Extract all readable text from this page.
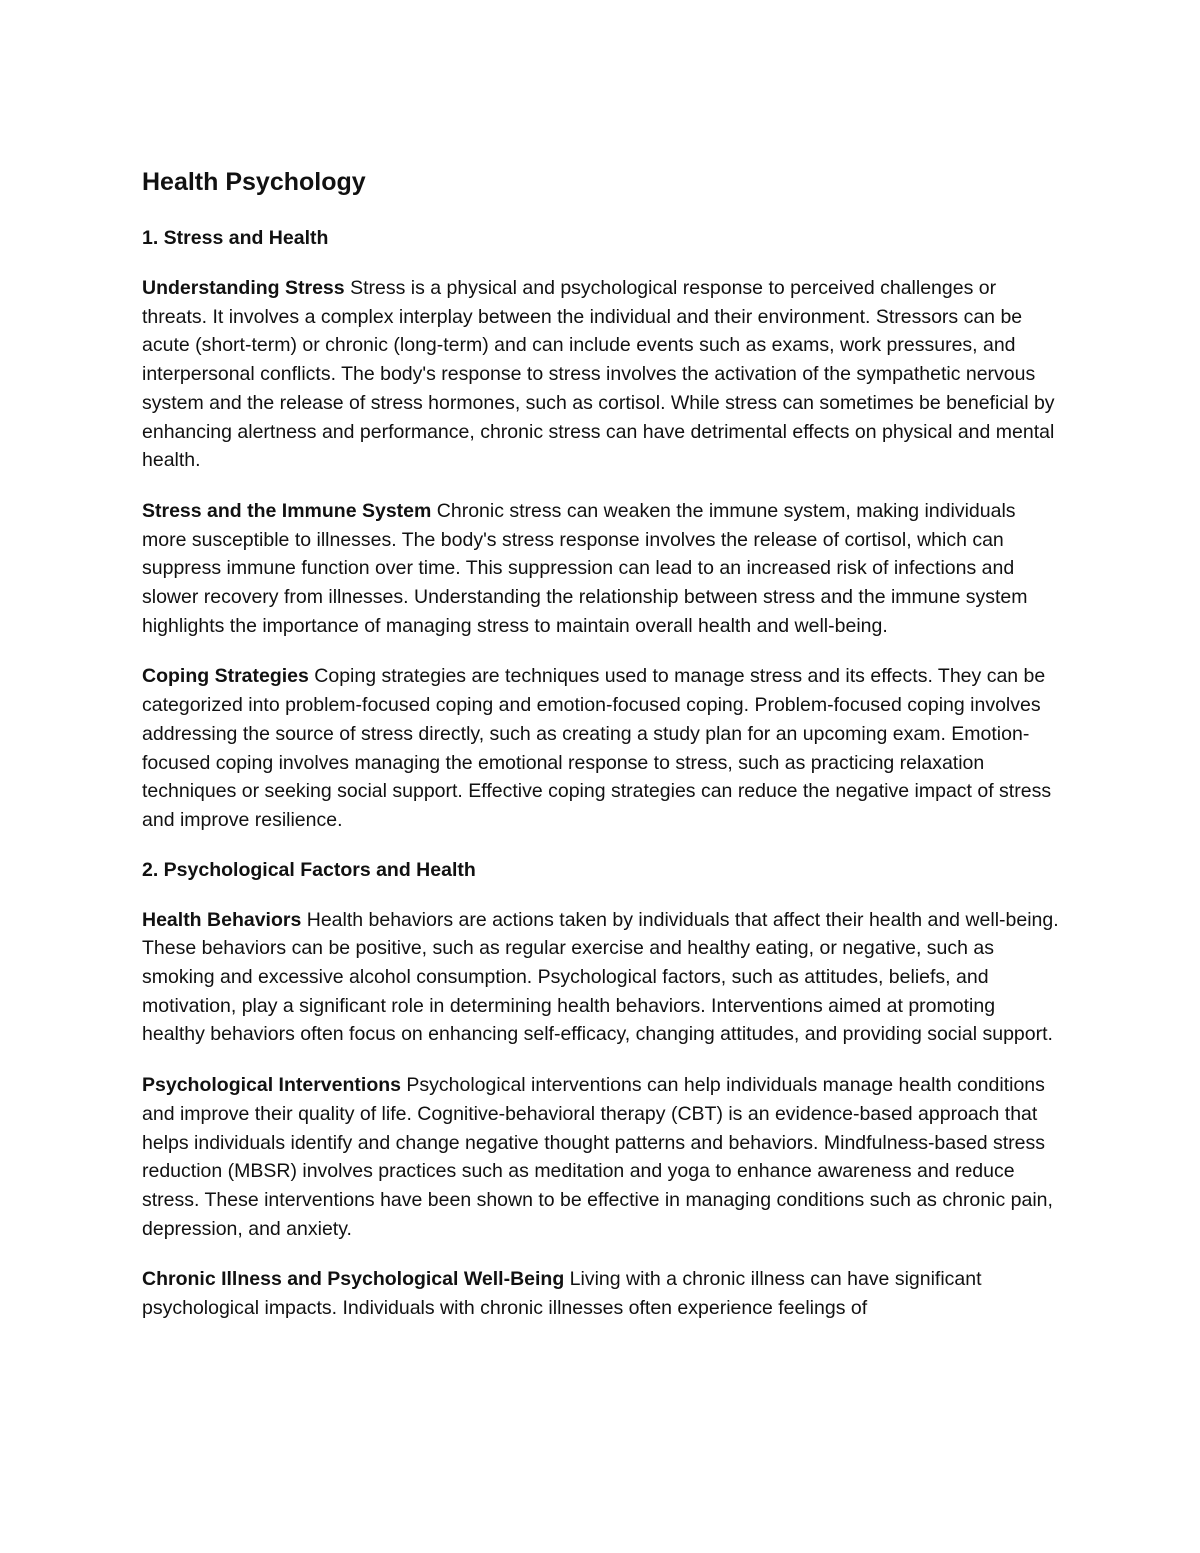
Health Psychology
1. Stress and Health

Understanding Stress Stress is a physical and psychological response to perceived challenges or threats. It involves a complex interplay between the individual and their environment. Stressors can be acute (short-term) or chronic (long-term) and can include events such as exams, work pressures, and interpersonal conflicts. The body's response to stress involves the activation of the sympathetic nervous system and the release of stress hormones, such as cortisol. While stress can sometimes be beneficial by enhancing alertness and performance, chronic stress can have detrimental effects on physical and mental health.

Stress and the Immune System Chronic stress can weaken the immune system, making individuals more susceptible to illnesses. The body's stress response involves the release of cortisol, which can suppress immune function over time. This suppression can lead to an increased risk of infections and slower recovery from illnesses. Understanding the relationship between stress and the immune system highlights the importance of managing stress to maintain overall health and well-being.

Coping Strategies Coping strategies are techniques used to manage stress and its effects. They can be categorized into problem-focused coping and emotion-focused coping. Problem-focused coping involves addressing the source of stress directly, such as creating a study plan for an upcoming exam. Emotion-focused coping involves managing the emotional response to stress, such as practicing relaxation techniques or seeking social support. Effective coping strategies can reduce the negative impact of stress and improve resilience.

2. Psychological Factors and Health

Health Behaviors Health behaviors are actions taken by individuals that affect their health and well-being. These behaviors can be positive, such as regular exercise and healthy eating, or negative, such as smoking and excessive alcohol consumption. Psychological factors, such as attitudes, beliefs, and motivation, play a significant role in determining health behaviors. Interventions aimed at promoting healthy behaviors often focus on enhancing self-efficacy, changing attitudes, and providing social support.

Psychological Interventions Psychological interventions can help individuals manage health conditions and improve their quality of life. Cognitive-behavioral therapy (CBT) is an evidence-based approach that helps individuals identify and change negative thought patterns and behaviors. Mindfulness-based stress reduction (MBSR) involves practices such as meditation and yoga to enhance awareness and reduce stress. These interventions have been shown to be effective in managing conditions such as chronic pain, depression, and anxiety.

Chronic Illness and Psychological Well-Being Living with a chronic illness can have significant psychological impacts. Individuals with chronic illnesses often experience feelings of
